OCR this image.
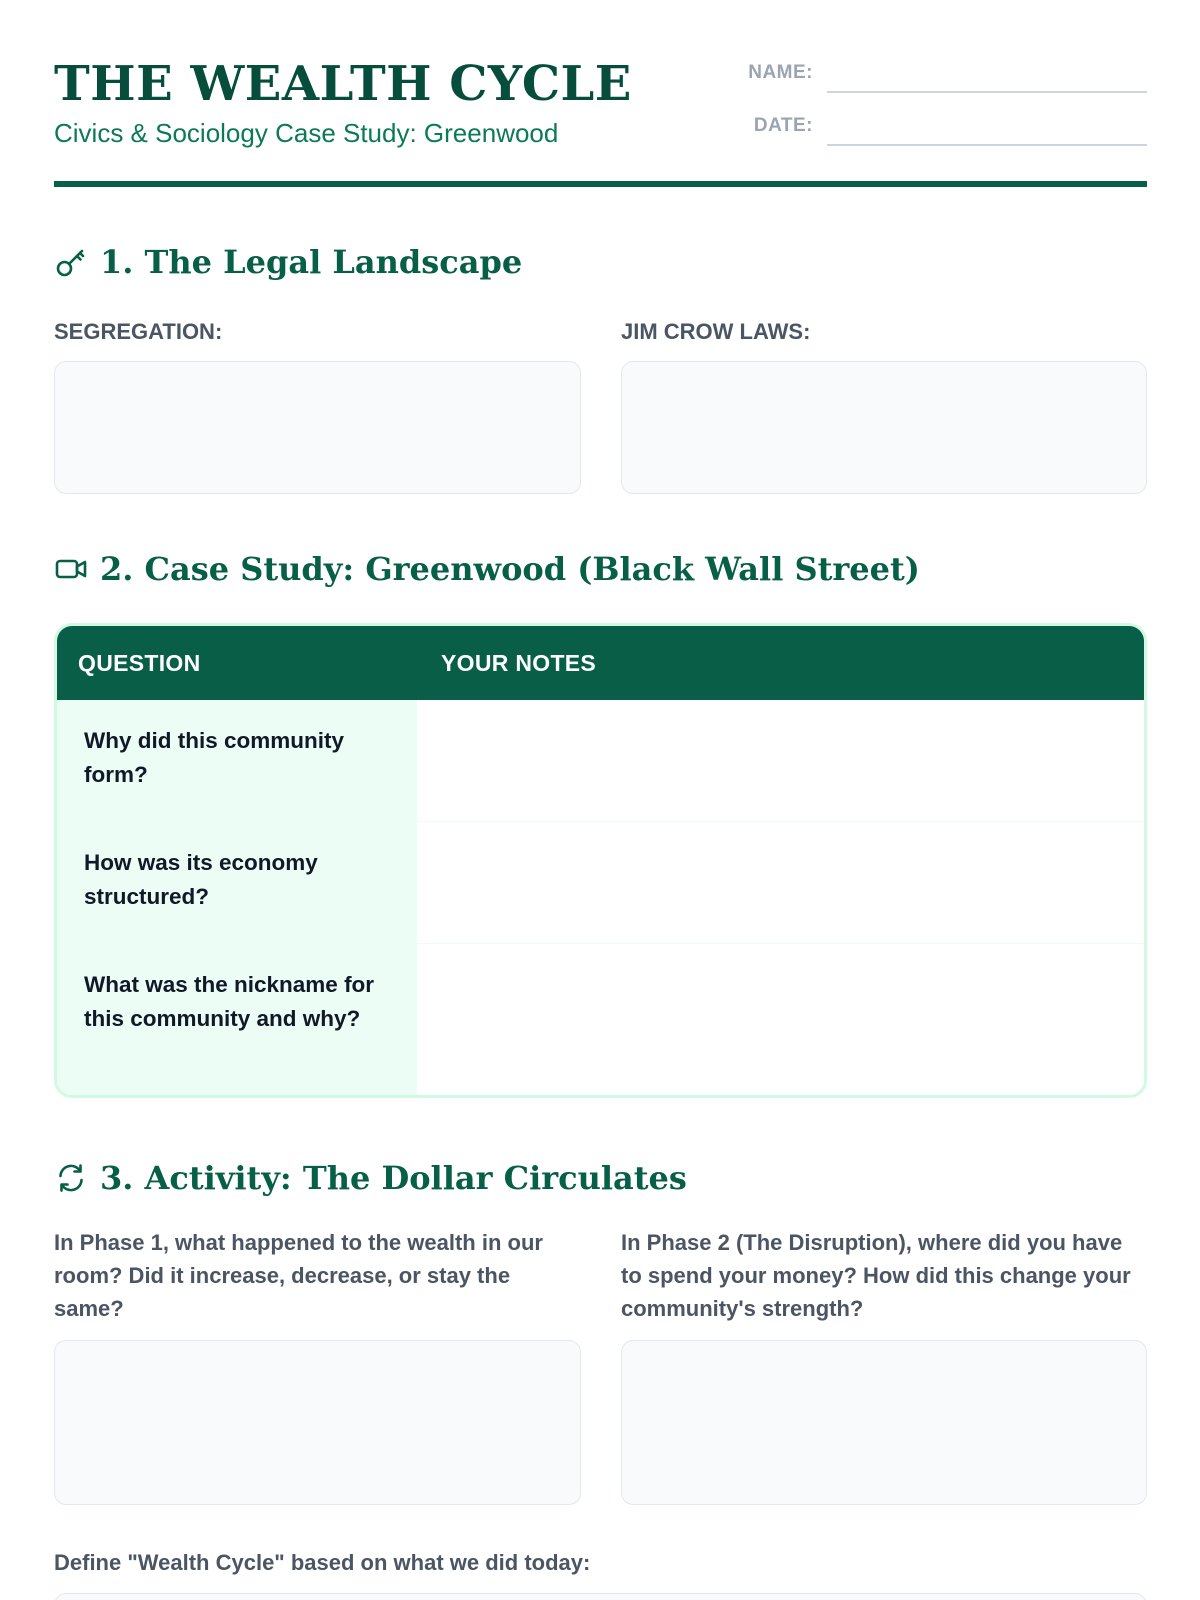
THE WEALTH CYCLE
Civics & Sociology Case Study: Greenwood
NAME:
DATE:
1. The Legal Landscape
SEGREGATION:	JIM CROW LAWS:
2. Case Study: Greenwood (Black Wall Street)
QUESTION	YOUR NOTES
Why did this community form?
How was its economy structured?
What was the nickname for this community and why?
3. Activity: The Dollar Circulates
In Phase 1, what happened to the wealth in our room? Did it increase, decrease, or stay the same?
In Phase 2 (The Disruption), where did you have to spend your money? How did this change your community's strength?
Define "Wealth Cycle" based on what we did today:
